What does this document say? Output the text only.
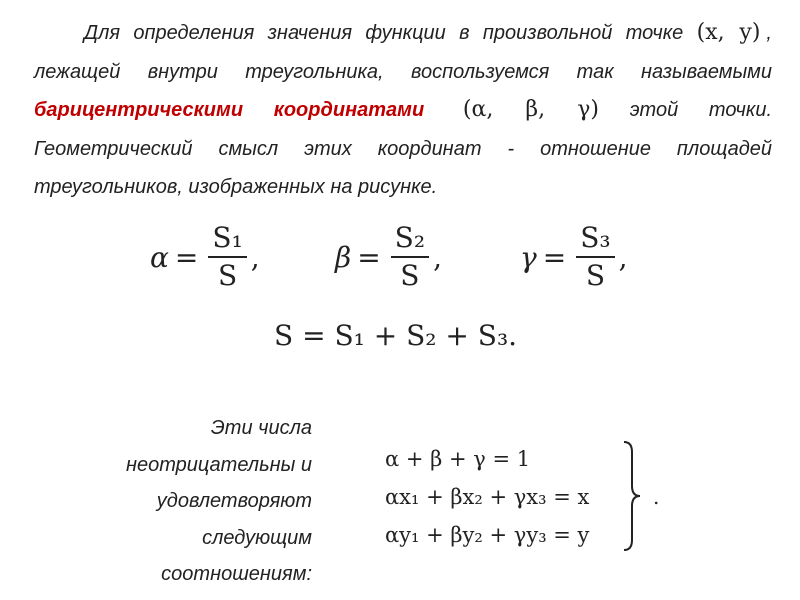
Для определения значения функции в произвольной точке (x, y) , лежащей внутри треугольника, воспользуемся так называемыми барицентрическими координатами (α, β, γ) этой точки. Геометрический смысл этих координат - отношение площадей треугольников, изображенных на рисунке.
$\alpha = \frac{\text{S₁}}{S}$ ,	$\beta = \frac{\text{S₂}}{S}$ ,	$\gamma = \frac{\text{S₃}}{S}$ ,
S = S₁ + S₂ + S₃.
Эти числа
неотрицательны и
удовлетворяют
следующим
соотношениям:
α + β + γ = 1
αx₁ + βx₂ + γx₃ = x
αy₁ + βy₂ + γy₃ = y
.
